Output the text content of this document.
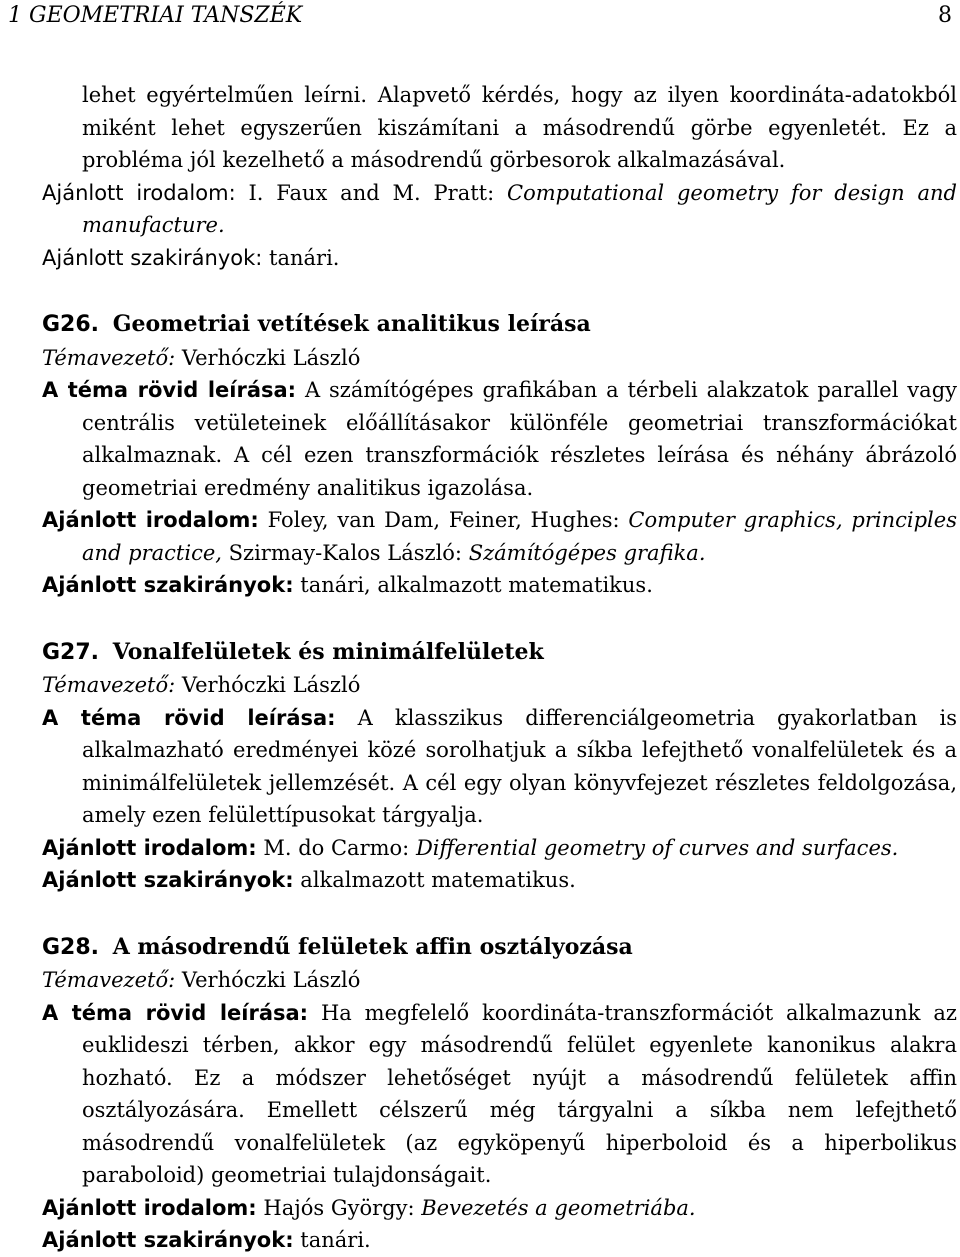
1 GEOMETRIAI TANSZÉK	8

lehet egyértelműen leírni. Alapvető kérdés, hogy az ilyen koordináta-adatokból miként lehet egyszerűen kiszámítani a másodrendű görbe egyenletét. Ez a probléma jól kezelhető a másodrendű görbesorok alkalmazásával.

Ajánlott irodalom: I. Faux and M. Pratt: Computational geometry for design and manufacture.

Ajánlott szakirányok: tanári.

G26. Geometriai vetítések analitikus leírása

Témavezető: Verhóczki László

A téma rövid leírása: A számítógépes grafikában a térbeli alakzatok parallel vagy centrális vetületeinek előállításakor különféle geometriai transzformációkat alkalmaznak. A cél ezen transzformációk részletes leírása és néhány ábrázoló geometriai eredmény analitikus igazolása.

Ajánlott irodalom: Foley, van Dam, Feiner, Hughes: Computer graphics, principles and practice, Szirmay-Kalos László: Számítógépes grafika.

Ajánlott szakirányok: tanári, alkalmazott matematikus.

G27. Vonalfelületek és minimálfelületek

Témavezető: Verhóczki László

A téma rövid leírása: A klasszikus differenciálgeometria gyakorlatban is alkalmazható eredményei közé sorolhatjuk a síkba lefejthető vonalfelületek és a minimálfelületek jellemzését. A cél egy olyan könyvfejezet részletes feldolgozása, amely ezen felülettípusokat tárgyalja.

Ajánlott irodalom: M. do Carmo: Differential geometry of curves and surfaces.

Ajánlott szakirányok: alkalmazott matematikus.

G28. A másodrendű felületek affin osztályozása

Témavezető: Verhóczki László

A téma rövid leírása: Ha megfelelő koordináta-transzformációt alkalmazunk az euklideszi térben, akkor egy másodrendű felület egyenlete kanonikus alakra hozható. Ez a módszer lehetőséget nyújt a másodrendű felületek affin osztályozására. Emellett célszerű még tárgyalni a síkba nem lefejthető másodrendű vonalfelületek (az egyköpenyű hiperboloid és a hiperbolikus paraboloid) geometriai tulajdonságait.

Ajánlott irodalom: Hajós György: Bevezetés a geometriába.

Ajánlott szakirányok: tanári.
